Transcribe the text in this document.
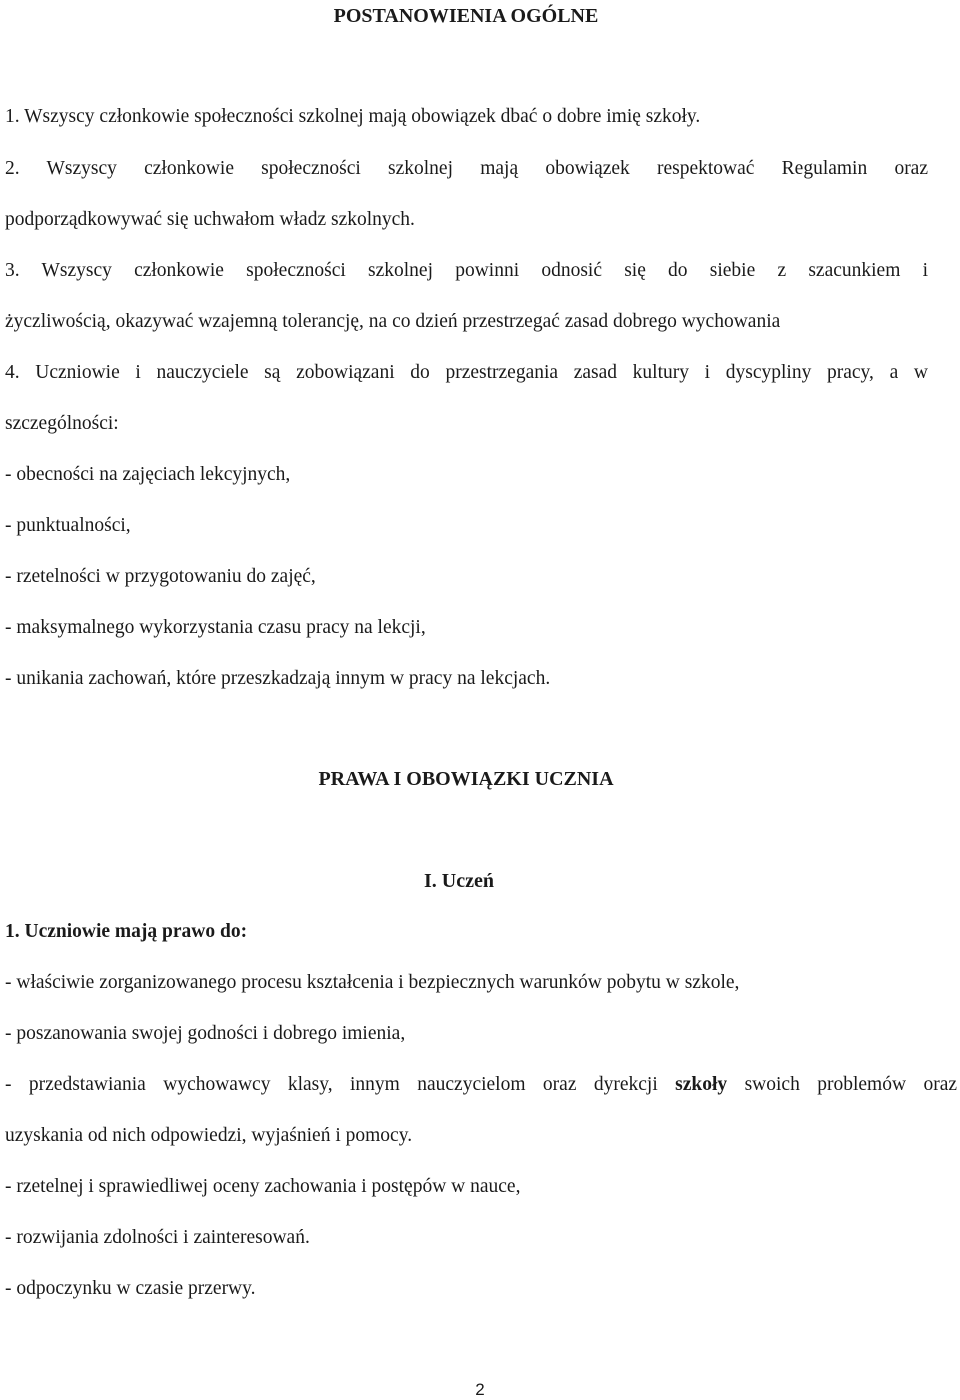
POSTANOWIENIA OGÓLNE
1. Wszyscy członkowie społeczności szkolnej mają obowiązek dbać o dobre imię szkoły.
2. Wszyscy członkowie społeczności szkolnej mają obowiązek respektować Regulamin oraz
podporządkowywać się uchwałom władz szkolnych.
3. Wszyscy członkowie społeczności szkolnej powinni odnosić się do siebie z szacunkiem i
życzliwością, okazywać wzajemną tolerancję, na co dzień przestrzegać zasad dobrego wychowania
4. Uczniowie i nauczyciele są zobowiązani do przestrzegania zasad kultury i dyscypliny pracy, a w
szczególności:
- obecności na zajęciach lekcyjnych,
- punktualności,
- rzetelności w przygotowaniu do zajęć,
- maksymalnego wykorzystania czasu pracy na lekcji,
- unikania zachowań, które przeszkadzają innym w pracy na lekcjach.
PRAWA I OBOWIĄZKI UCZNIA
I. Uczeń
1. Uczniowie mają prawo do:
- właściwie zorganizowanego procesu kształcenia i bezpiecznych warunków pobytu w szkole,
- poszanowania swojej godności i dobrego imienia,
- przedstawiania wychowawcy klasy, innym nauczycielom oraz dyrekcji szkoły swoich problemów oraz
uzyskania od nich odpowiedzi, wyjaśnień i pomocy.
- rzetelnej i sprawiedliwej oceny zachowania i postępów w nauce,
- rozwijania zdolności i zainteresowań.
- odpoczynku w czasie przerwy.
2
